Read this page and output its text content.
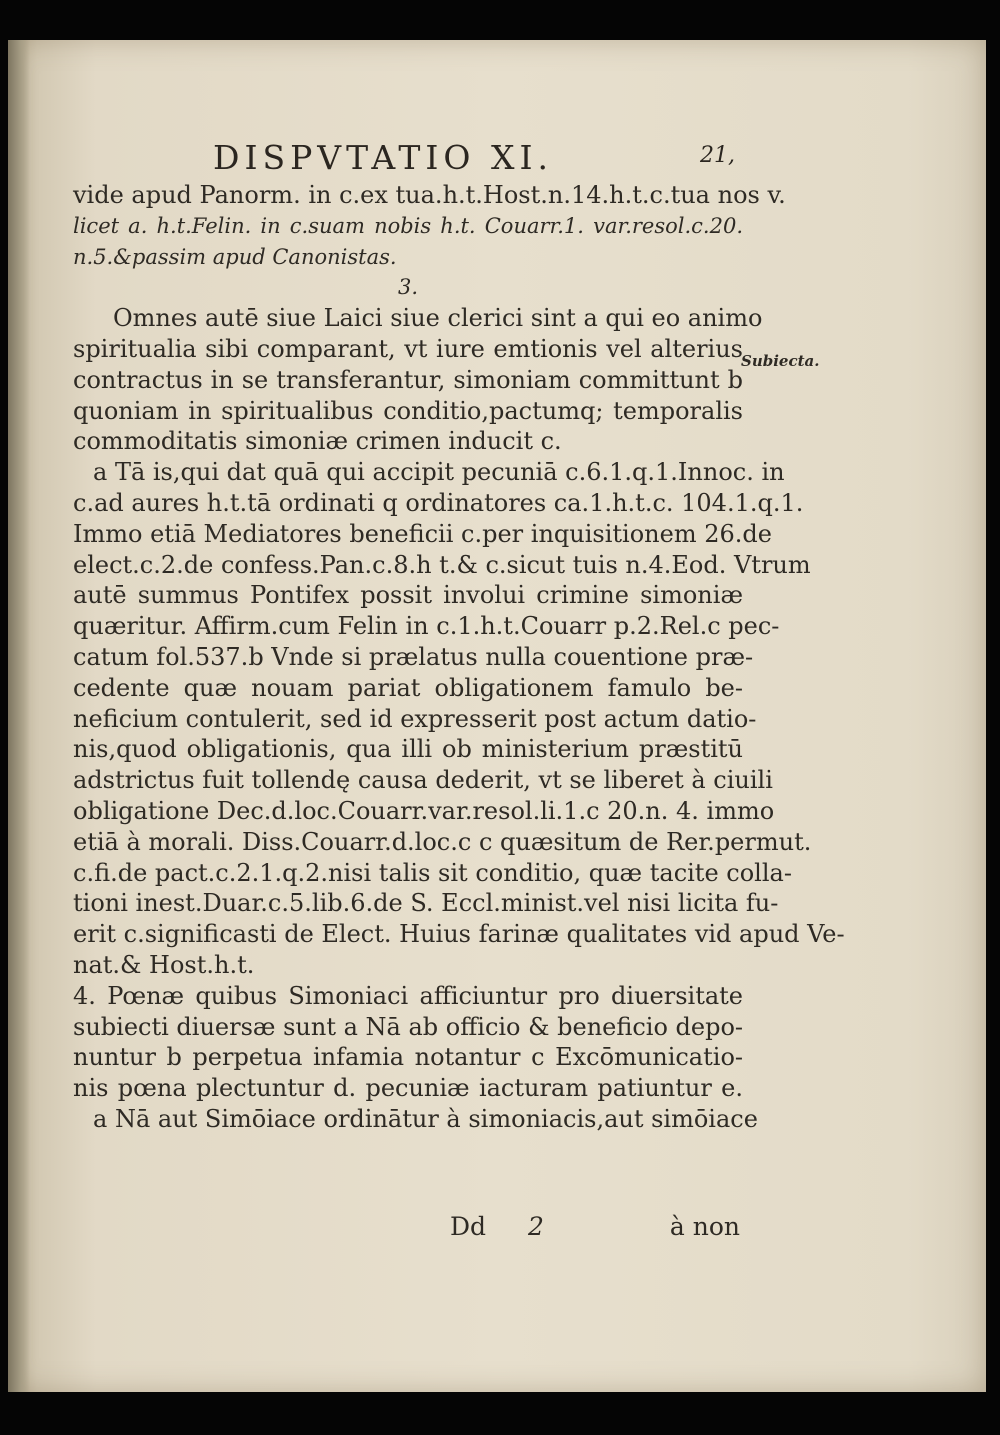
DISPVTATIO XI.	21,
Subiecta.
vide apud Panorm. in c.ex tua.h.t.Host.n.14.h.t.c.tua nos v.
licet a. h.t.Felin. in c.suam nobis h.t. Couarr.1. var.resol.c.20.
n.5.&passim apud Canonistas.
3.
Omnes autē siue Laici siue clerici sint a qui eo animo
spiritualia sibi comparant, vt iure emtionis vel alterius
contractus in se transferantur, simoniam committunt b
quoniam in spiritualibus conditio,pactumq; temporalis
commoditatis simoniæ crimen inducit c.
a Tā is,qui dat quā qui accipit pecuniā c.6.1.q.1.Innoc. in
c.ad aures h.t.tā ordinati q ordinatores ca.1.h.t.c. 104.1.q.1.
Immo etiā Mediatores beneficii c.per inquisitionem 26.de
elect.c.2.de confess.Pan.c.8.h t.& c.sicut tuis n.4.Eod. Vtrum
autē summus Pontifex possit involui crimine simoniæ
quæritur. Affirm.cum Felin in c.1.h.t.Couarr p.2.Rel.c pec-
catum fol.537.b Vnde si prælatus nulla couentione præ-
cedente quæ nouam pariat obligationem famulo be-
neficium contulerit, sed id expresserit post actum datio-
nis,quod obligationis, qua illi ob ministerium præstitū
adstrictus fuit tollendę causa dederit, vt se liberet à ciuili
obligatione Dec.d.loc.Couarr.var.resol.li.1.c 20.n. 4. immo
etiā à morali. Diss.Couarr.d.loc.c c quæsitum de Rer.permut.
c.fi.de pact.c.2.1.q.2.nisi talis sit conditio, quæ tacite colla-
tioni inest.Duar.c.5.lib.6.de S. Eccl.minist.vel nisi licita fu-
erit c.significasti de Elect. Huius farinæ qualitates vid apud Ve-
nat.& Host.h.t.
4. Pœnæ quibus Simoniaci afficiuntur pro diuersitate
subiecti diuersæ sunt a Nā ab officio & beneficio depo-
nuntur b perpetua infamia notantur c Excōmunicatio-
nis pœna plectuntur d. pecuniæ iacturam patiuntur e.
a Nā aut Simōiace ordinātur à simoniacis,aut simōiace
Dd 2	à non
